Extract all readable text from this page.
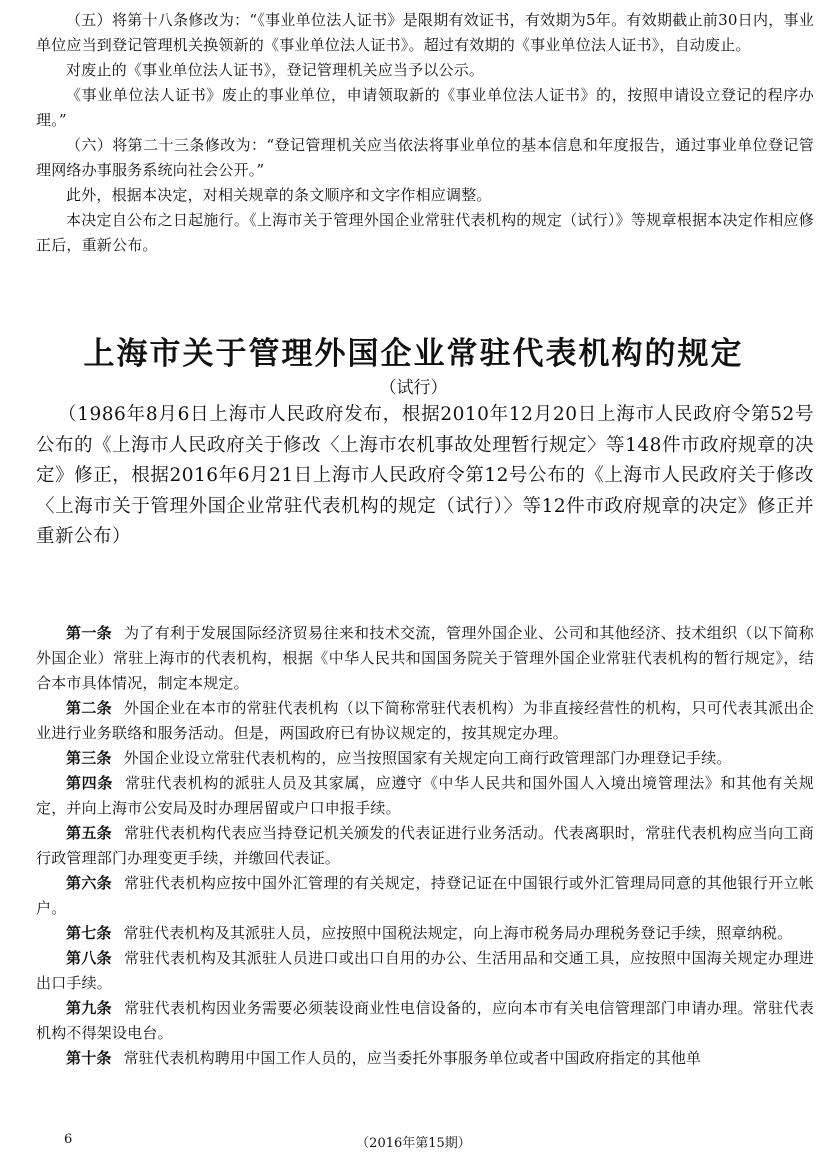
（五）将第十八条修改为：“《事业单位法人证书》是限期有效证书，有效期为5年。有效期截止前30日内，事业单位应当到登记管理机关换领新的《事业单位法人证书》。超过有效期的《事业单位法人证书》，自动废止。

对废止的《事业单位法人证书》，登记管理机关应当予以公示。

《事业单位法人证书》废止的事业单位，申请领取新的《事业单位法人证书》的，按照申请设立登记的程序办理。”

（六）将第二十三条修改为：“登记管理机关应当依法将事业单位的基本信息和年度报告，通过事业单位登记管理网络办事服务系统向社会公开。”

此外，根据本决定，对相关规章的条文顺序和文字作相应调整。

本决定自公布之日起施行。《上海市关于管理外国企业常驻代表机构的规定（试行）》等规章根据本决定作相应修正后，重新公布。

上海市关于管理外国企业常驻代表机构的规定

（试行）

（1986年8月6日上海市人民政府发布，根据2010年12月20日上海市人民政府令第52号公布的《上海市人民政府关于修改〈上海市农机事故处理暂行规定〉等148件市政府规章的决定》修正，根据2016年6月21日上海市人民政府令第12号公布的《上海市人民政府关于修改〈上海市关于管理外国企业常驻代表机构的规定（试行）〉等12件市政府规章的决定》修正并重新公布）

第一条 为了有利于发展国际经济贸易往来和技术交流，管理外国企业、公司和其他经济、技术组织（以下简称外国企业）常驻上海市的代表机构，根据《中华人民共和国国务院关于管理外国企业常驻代表机构的暂行规定》，结合本市具体情况，制定本规定。

第二条 外国企业在本市的常驻代表机构（以下简称常驻代表机构）为非直接经营性的机构，只可代表其派出企业进行业务联络和服务活动。但是，两国政府已有协议规定的，按其规定办理。

第三条 外国企业设立常驻代表机构的，应当按照国家有关规定向工商行政管理部门办理登记手续。

第四条 常驻代表机构的派驻人员及其家属，应遵守《中华人民共和国外国人入境出境管理法》和其他有关规定，并向上海市公安局及时办理居留或户口申报手续。

第五条 常驻代表机构代表应当持登记机关颁发的代表证进行业务活动。代表离职时，常驻代表机构应当向工商行政管理部门办理变更手续，并缴回代表证。

第六条 常驻代表机构应按中国外汇管理的有关规定，持登记证在中国银行或外汇管理局同意的其他银行开立帐户。

第七条 常驻代表机构及其派驻人员，应按照中国税法规定，向上海市税务局办理税务登记手续，照章纳税。

第八条 常驻代表机构及其派驻人员进口或出口自用的办公、生活用品和交通工具，应按照中国海关规定办理进出口手续。

第九条 常驻代表机构因业务需要必须装设商业性电信设备的，应向本市有关电信管理部门申请办理。常驻代表机构不得架设电台。

第十条 常驻代表机构聘用中国工作人员的，应当委托外事服务单位或者中国政府指定的其他单

6	（2016年第15期）
